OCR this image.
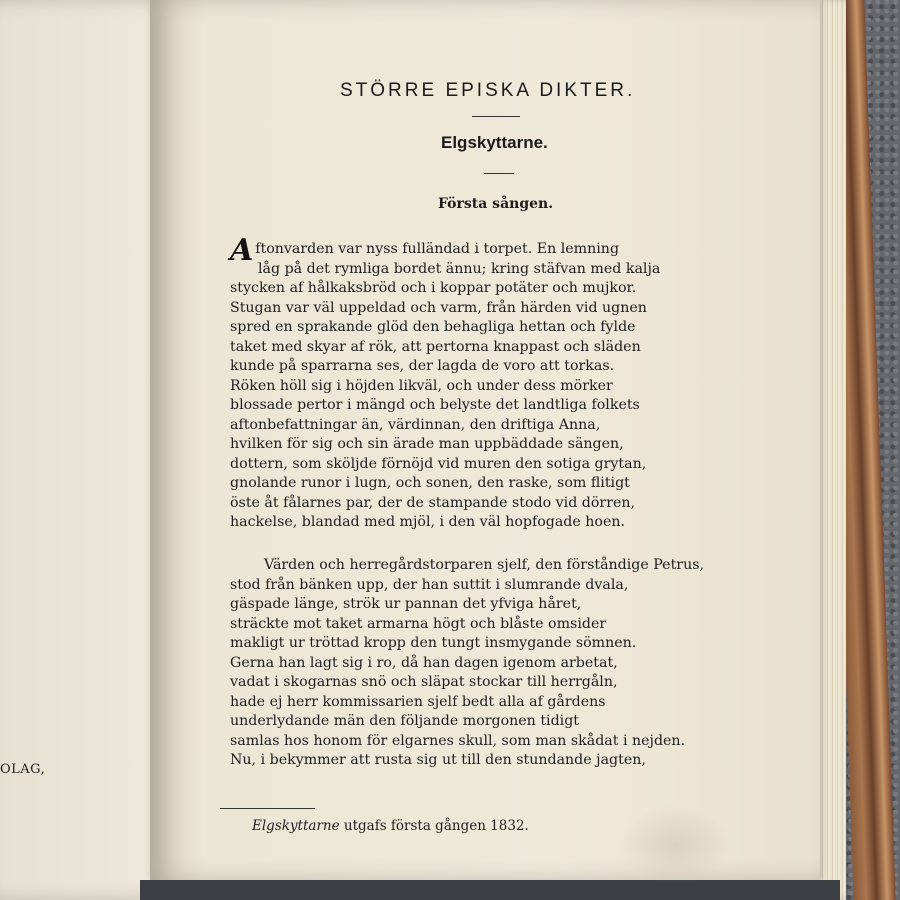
OLAG,
STÖRRE EPISKA DIKTER.
Elgskyttarne.
Första sången.
Aftonvarden var nyss fulländad i torpet. En lemning
låg på det rymliga bordet ännu; kring stäfvan med kalja
stycken af hålkaksbröd och i koppar potäter och mujkor.
Stugan var väl uppeldad och varm, från härden vid ugnen
spred en sprakande glöd den behagliga hettan och fylde
taket med skyar af rök, att pertorna knappast och släden
kunde på sparrarna ses, der lagda de voro att torkas.
Röken höll sig i höjden likväl, och under dess mörker
blossade pertor i mängd och belyste det landtliga folkets
aftonbefattningar än, värdinnan, den driftiga Anna,
hvilken för sig och sin ärade man uppbäddade sängen,
dottern, som sköljde förnöjd vid muren den sotiga grytan,
gnolande runor i lugn, och sonen, den raske, som flitigt
öste åt fålarnes par, der de stampande stodo vid dörren,
hackelse, blandad med mjöl, i den väl hopfogade hoen.
Värden och herregårdstorparen sjelf, den förståndige Petrus,
stod från bänken upp, der han suttit i slumrande dvala,
gäspade länge, strök ur pannan det yfviga håret,
sträckte mot taket armarna högt och blåste omsider
makligt ur tröttad kropp den tungt insmygande sömnen.
Gerna han lagt sig i ro, då han dagen igenom arbetat,
vadat i skogarnas snö och släpat stockar till herrgåln,
hade ej herr kommissarien sjelf bedt alla af gårdens
underlydande män den följande morgonen tidigt
samlas hos honom för elgarnes skull, som man skådat i nejden.
Nu, i bekymmer att rusta sig ut till den stundande jagten,
Elgskyttarne utgafs första gången 1832.
